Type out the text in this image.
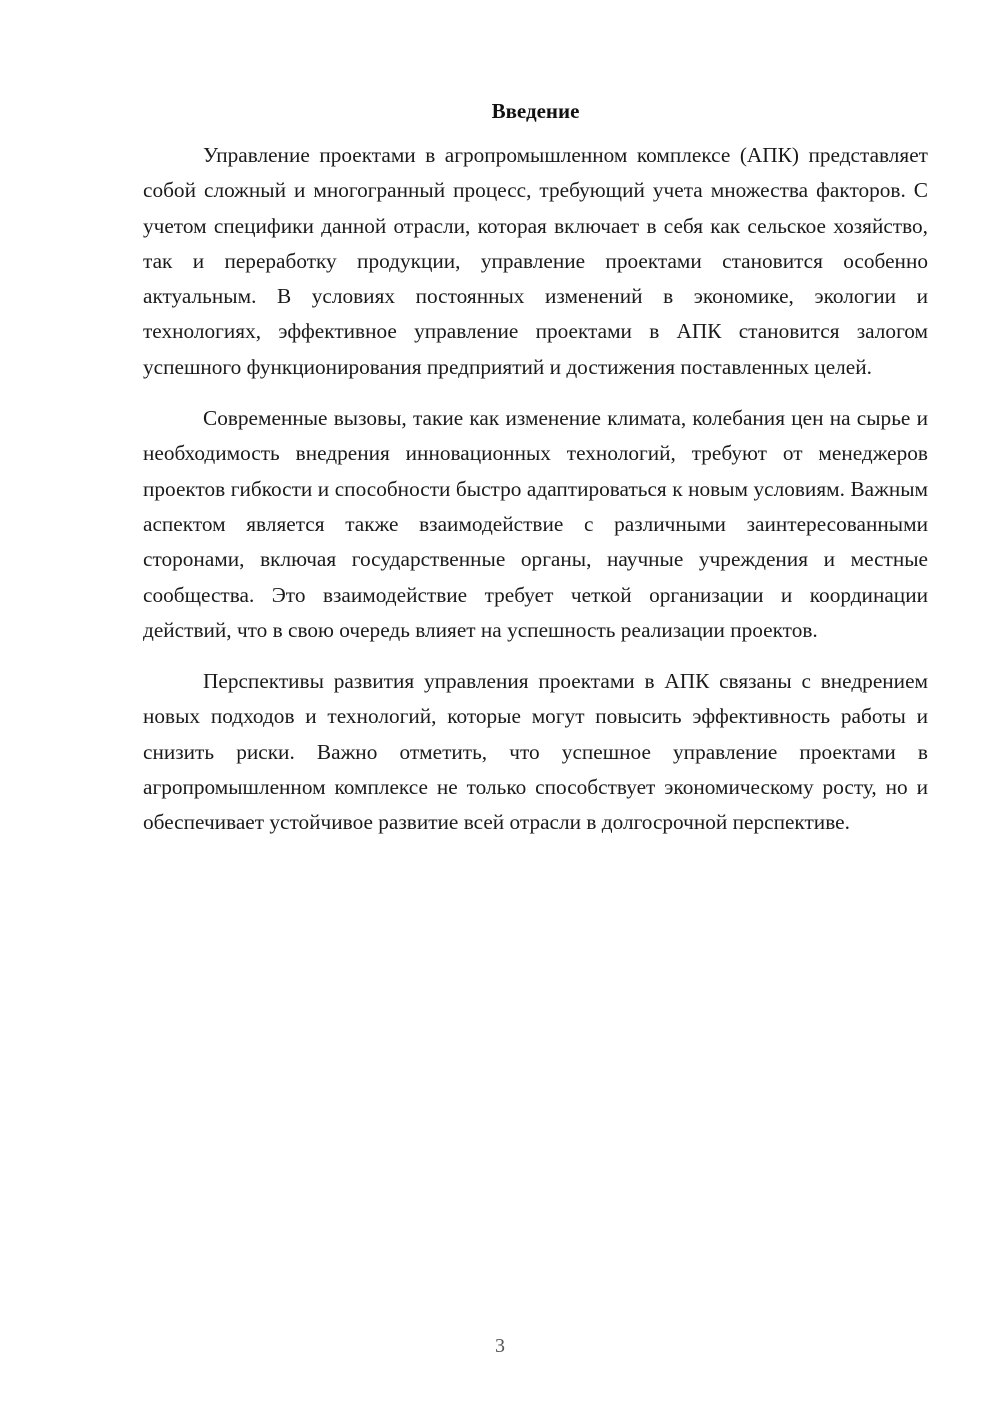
Введение

Управление проектами в агропромышленном комплексе (АПК) представляет собой сложный и многогранный процесс, требующий учета множества факторов. С учетом специфики данной отрасли, которая включает в себя как сельское хозяйство, так и переработку продукции, управление проектами становится особенно актуальным. В условиях постоянных изменений в экономике, экологии и технологиях, эффективное управление проектами в АПК становится залогом успешного функционирования предприятий и достижения поставленных целей.

Современные вызовы, такие как изменение климата, колебания цен на сырье и необходимость внедрения инновационных технологий, требуют от менеджеров проектов гибкости и способности быстро адаптироваться к новым условиям. Важным аспектом является также взаимодействие с различными заинтересованными сторонами, включая государственные органы, научные учреждения и местные сообщества. Это взаимодействие требует четкой организации и координации действий, что в свою очередь влияет на успешность реализации проектов.

Перспективы развития управления проектами в АПК связаны с внедрением новых подходов и технологий, которые могут повысить эффективность работы и снизить риски. Важно отметить, что успешное управление проектами в агропромышленном комплексе не только способствует экономическому росту, но и обеспечивает устойчивое развитие всей отрасли в долгосрочной перспективе.

3
